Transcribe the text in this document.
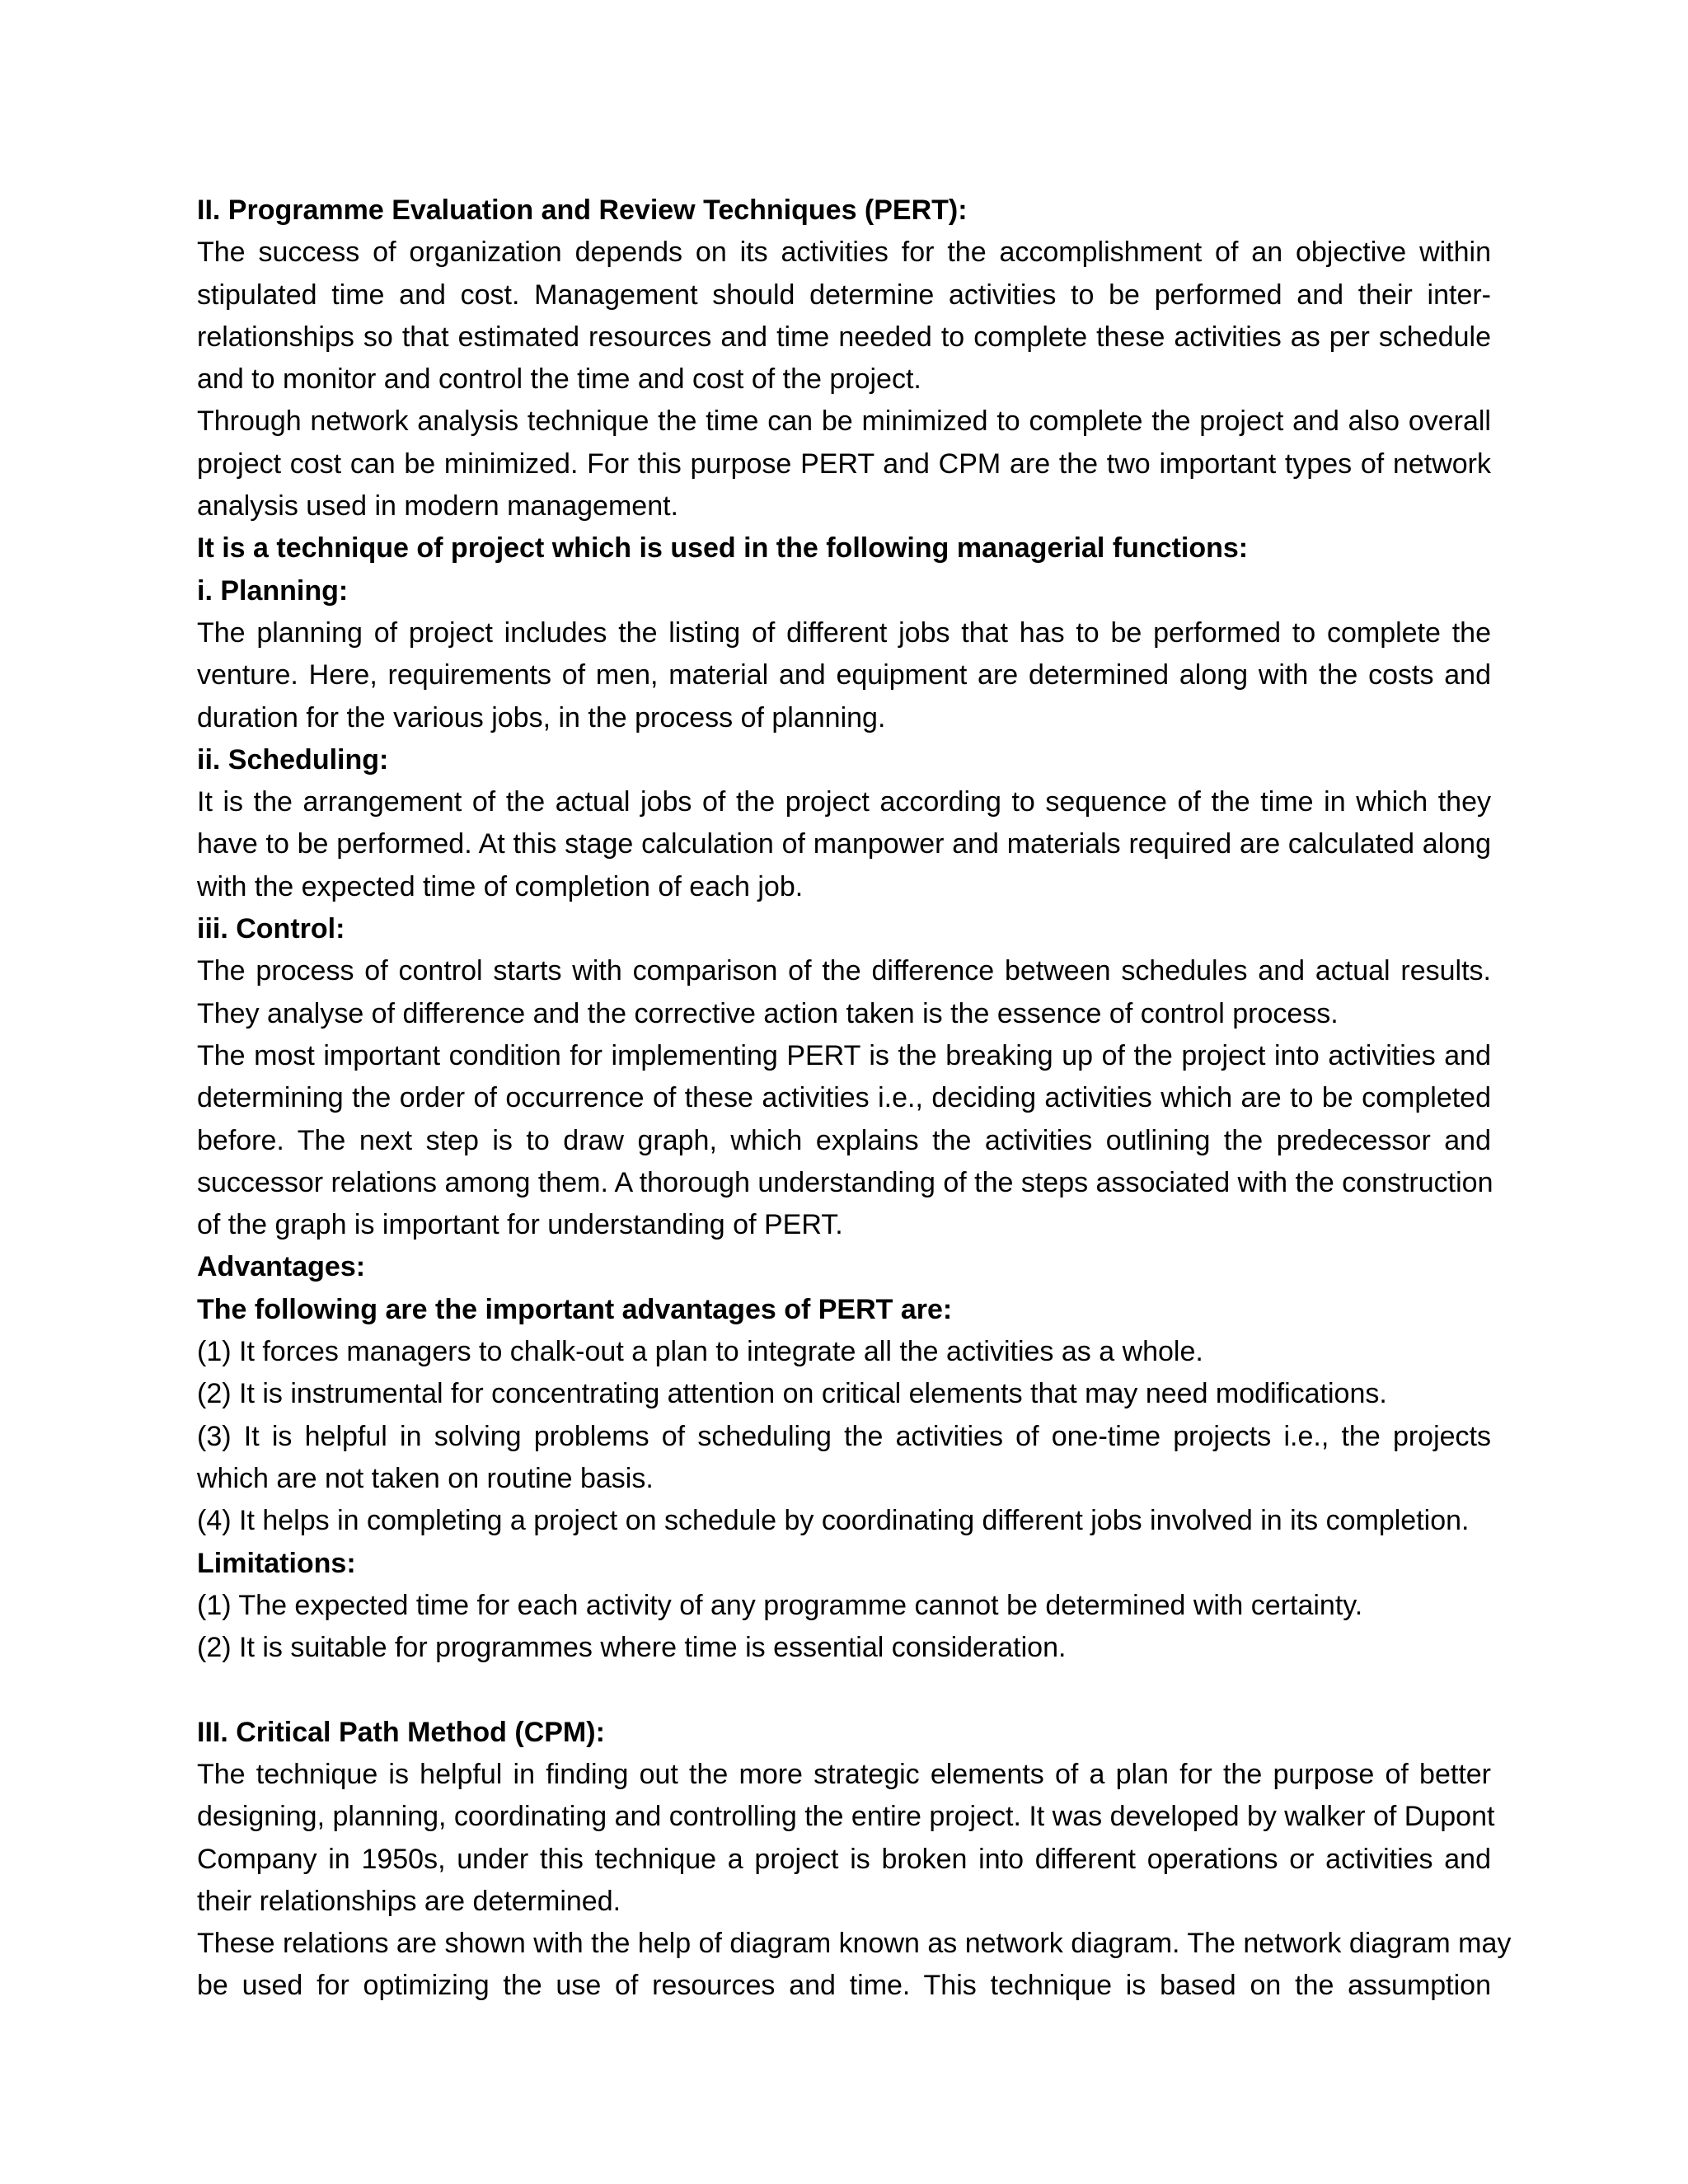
II. Programme Evaluation and Review Techniques (PERT):
The success of organization depends on its activities for the accomplishment of an objective within
stipulated time and cost. Management should determine activities to be performed and their inter-
relationships so that estimated resources and time needed to complete these activities as per schedule
and to monitor and control the time and cost of the project.
Through network analysis technique the time can be minimized to complete the project and also overall
project cost can be minimized. For this purpose PERT and CPM are the two important types of network
analysis used in modern management.
It is a technique of project which is used in the following managerial functions:
i. Planning:
The planning of project includes the listing of different jobs that has to be performed to complete the
venture. Here, requirements of men, material and equipment are determined along with the costs and
duration for the various jobs, in the process of planning.
ii. Scheduling:
It is the arrangement of the actual jobs of the project according to sequence of the time in which they
have to be performed. At this stage calculation of manpower and materials required are calculated along
with the expected time of completion of each job.
iii. Control:
The process of control starts with comparison of the difference between schedules and actual results.
They analyse of difference and the corrective action taken is the essence of control process.
The most important condition for implementing PERT is the breaking up of the project into activities and
determining the order of occurrence of these activities i.e., deciding activities which are to be completed
before. The next step is to draw graph, which explains the activities outlining the predecessor and
successor relations among them. A thorough understanding of the steps associated with the construction
of the graph is important for understanding of PERT.
Advantages:
The following are the important advantages of PERT are:
(1) It forces managers to chalk-out a plan to integrate all the activities as a whole.
(2) It is instrumental for concentrating attention on critical elements that may need modifications.
(3) It is helpful in solving problems of scheduling the activities of one-time projects i.e., the projects
which are not taken on routine basis.
(4) It helps in completing a project on schedule by coordinating different jobs involved in its completion.
Limitations:
(1) The expected time for each activity of any programme cannot be determined with certainty.
(2) It is suitable for programmes where time is essential consideration.
III. Critical Path Method (CPM):
The technique is helpful in finding out the more strategic elements of a plan for the purpose of better
designing, planning, coordinating and controlling the entire project. It was developed by walker of Dupont
Company in 1950s, under this technique a project is broken into different operations or activities and
their relationships are determined.
These relations are shown with the help of diagram known as network diagram. The network diagram may
be used for optimizing the use of resources and time. This technique is based on the assumption
